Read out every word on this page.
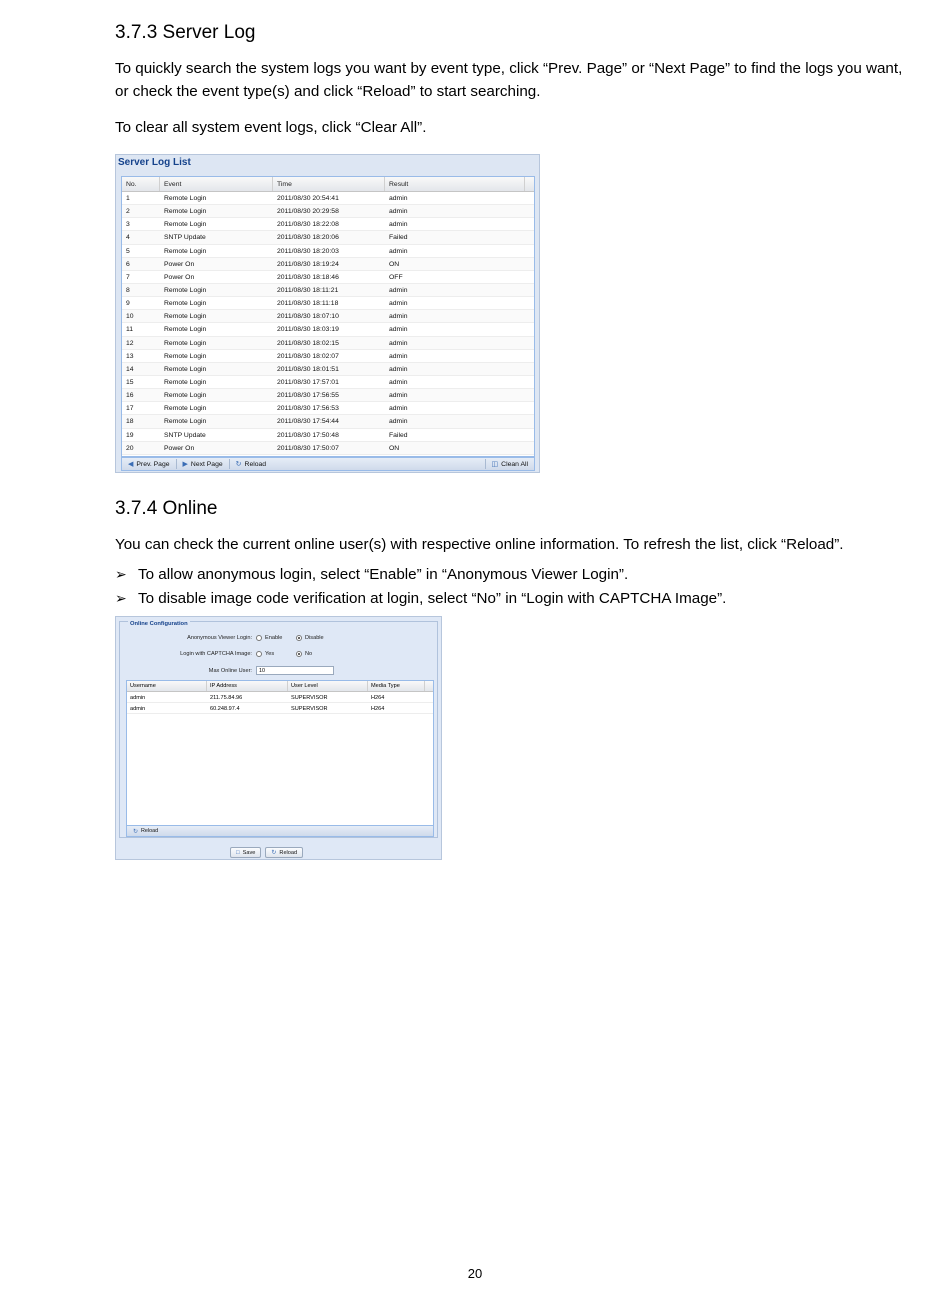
3.7.3 Server Log

To quickly search the system logs you want by event type, click “Prev. Page” or “Next Page” to find the logs you want, or check the event type(s) and click “Reload” to start searching.

To clear all system event logs, click “Clear All”.

Server Log List
No.	Event	Time	Result
1	Remote Login	2011/08/30 20:54:41	admin
2	Remote Login	2011/08/30 20:29:58	admin
3	Remote Login	2011/08/30 18:22:08	admin
4	SNTP Update	2011/08/30 18:20:06	Failed
5	Remote Login	2011/08/30 18:20:03	admin
6	Power On	2011/08/30 18:19:24	ON
7	Power On	2011/08/30 18:18:46	OFF
8	Remote Login	2011/08/30 18:11:21	admin
9	Remote Login	2011/08/30 18:11:18	admin
10	Remote Login	2011/08/30 18:07:10	admin
11	Remote Login	2011/08/30 18:03:19	admin
12	Remote Login	2011/08/30 18:02:15	admin
13	Remote Login	2011/08/30 18:02:07	admin
14	Remote Login	2011/08/30 18:01:51	admin
15	Remote Login	2011/08/30 17:57:01	admin
16	Remote Login	2011/08/30 17:56:55	admin
17	Remote Login	2011/08/30 17:56:53	admin
18	Remote Login	2011/08/30 17:54:44	admin
19	SNTP Update	2011/08/30 17:50:48	Failed
20	Power On	2011/08/30 17:50:07	ON
◀ Prev. Page ▶ Next Page ↻ Reload	◫ Clean All
3.7.4 Online

You can check the current online user(s) with respective online information. To refresh the list, click “Reload”.

➢ To allow anonymous login, select “Enable” in “Anonymous Viewer Login”.
➢ To disable image code verification at login, select “No” in “Login with CAPTCHA Image”.
Online Configuration
Anonymous Viewer Login: Enable	Disable
Login with CAPTCHA Image: Yes	No
Max Online User:	10
Username	IP Address	User Level	Media Type
admin	211.75.84.96	SUPERVISOR	H264
admin	60.248.97.4	SUPERVISOR	H264
↻ Reload
□ Save	↻ Reload
20
